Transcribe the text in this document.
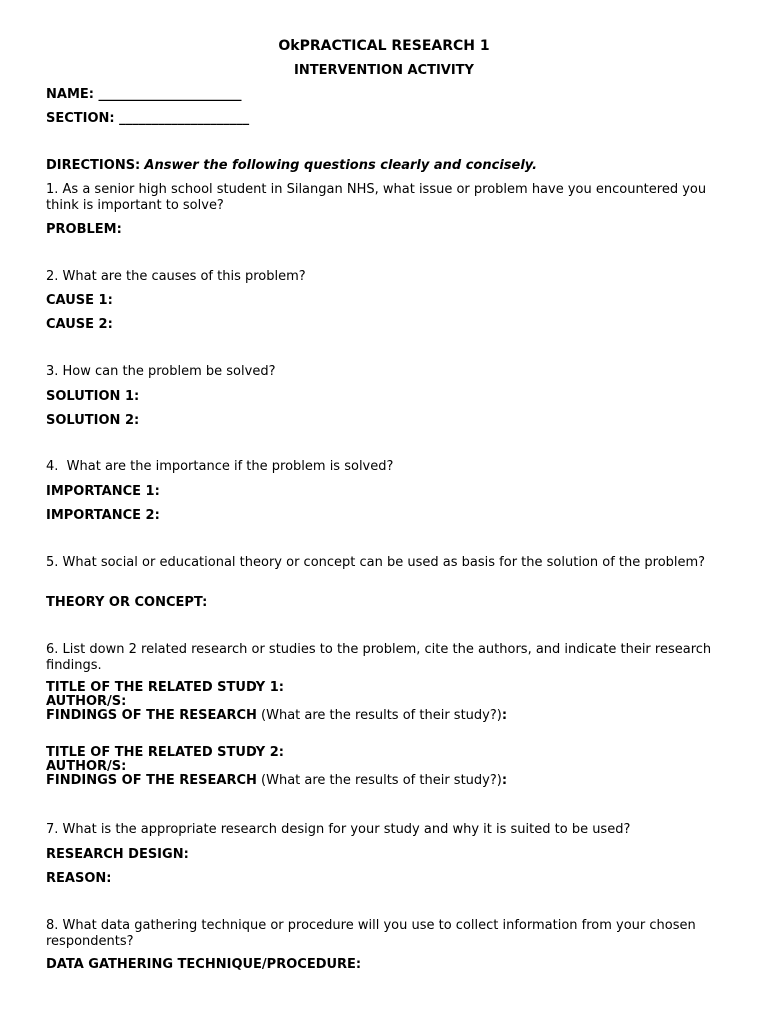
OkPRACTICAL RESEARCH 1
INTERVENTION ACTIVITY
NAME: ______________________
SECTION: ____________________
DIRECTIONS: Answer the following questions clearly and concisely.
1. As a senior high school student in Silangan NHS, what issue or problem have you encountered you think is important to solve?
PROBLEM:
2. What are the causes of this problem?
CAUSE 1:
CAUSE 2:
3. How can the problem be solved?
SOLUTION 1:
SOLUTION 2:
4.  What are the importance if the problem is solved?
IMPORTANCE 1:
IMPORTANCE 2:
5. What social or educational theory or concept can be used as basis for the solution of the problem?
THEORY OR CONCEPT:
6. List down 2 related research or studies to the problem, cite the authors, and indicate their research findings.
TITLE OF THE RELATED STUDY 1:
AUTHOR/S:
FINDINGS OF THE RESEARCH (What are the results of their study?):
TITLE OF THE RELATED STUDY 2:
AUTHOR/S:
FINDINGS OF THE RESEARCH (What are the results of their study?):
7. What is the appropriate research design for your study and why it is suited to be used?
RESEARCH DESIGN:
REASON:
8. What data gathering technique or procedure will you use to collect information from your chosen respondents?
DATA GATHERING TECHNIQUE/PROCEDURE:
